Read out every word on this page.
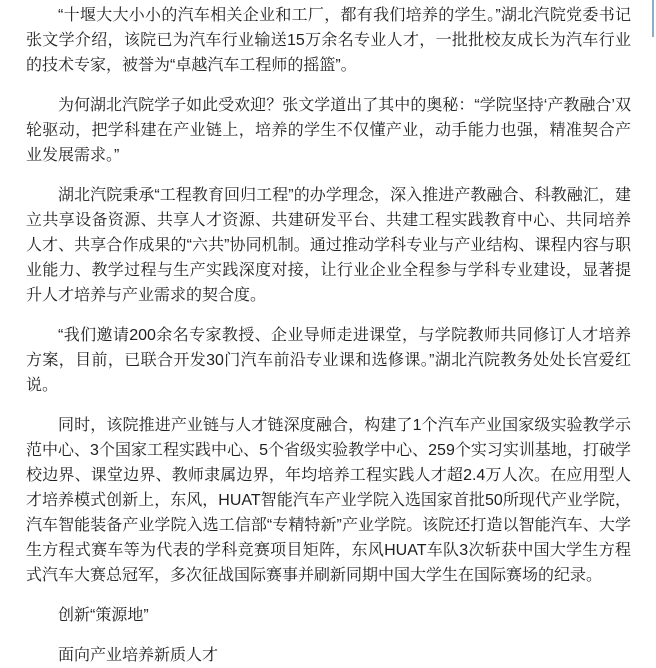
“十堰大大小小的汽车相关企业和工厂，都有我们培养的学生。”湖北汽院党委书记张文学介绍，该院已为汽车行业输送15万余名专业人才，一批批校友成长为汽车行业的技术专家，被誉为“卓越汽车工程师的摇篮”。

为何湖北汽院学子如此受欢迎？张文学道出了其中的奥秘：“学院坚持‘产教融合’双轮驱动，把学科建在产业链上，培养的学生不仅懂产业，动手能力也强，精准契合产业发展需求。”

湖北汽院秉承“工程教育回归工程”的办学理念，深入推进产教融合、科教融汇，建立共享设备资源、共享人才资源、共建研发平台、共建工程实践教育中心、共同培养人才、共享合作成果的“六共”协同机制。通过推动学科专业与产业结构、课程内容与职业能力、教学过程与生产实践深度对接，让行业企业全程参与学科专业建设，显著提升人才培养与产业需求的契合度。

“我们邀请200余名专家教授、企业导师走进课堂，与学院教师共同修订人才培养方案，目前，已联合开发30门汽车前沿专业课和选修课。”湖北汽院教务处处长宫爱红说。

同时，该院推进产业链与人才链深度融合，构建了1个汽车产业国家级实验教学示范中心、3个国家工程实践中心、5个省级实验教学中心、259个实习实训基地，打破学校边界、课堂边界、教师隶属边界，年均培养工程实践人才超2.4万人次。在应用型人才培养模式创新上，东风，HUAT智能汽车产业学院入选国家首批50所现代产业学院，汽车智能装备产业学院入选工信部“专精特新”产业学院。该院还打造以智能汽车、大学生方程式赛车等为代表的学科竞赛项目矩阵，东风HUAT车队3次斩获中国大学生方程式汽车大赛总冠军，多次征战国际赛事并刷新同期中国大学生在国际赛场的纪录。

创新“策源地”

面向产业培养新质人才
